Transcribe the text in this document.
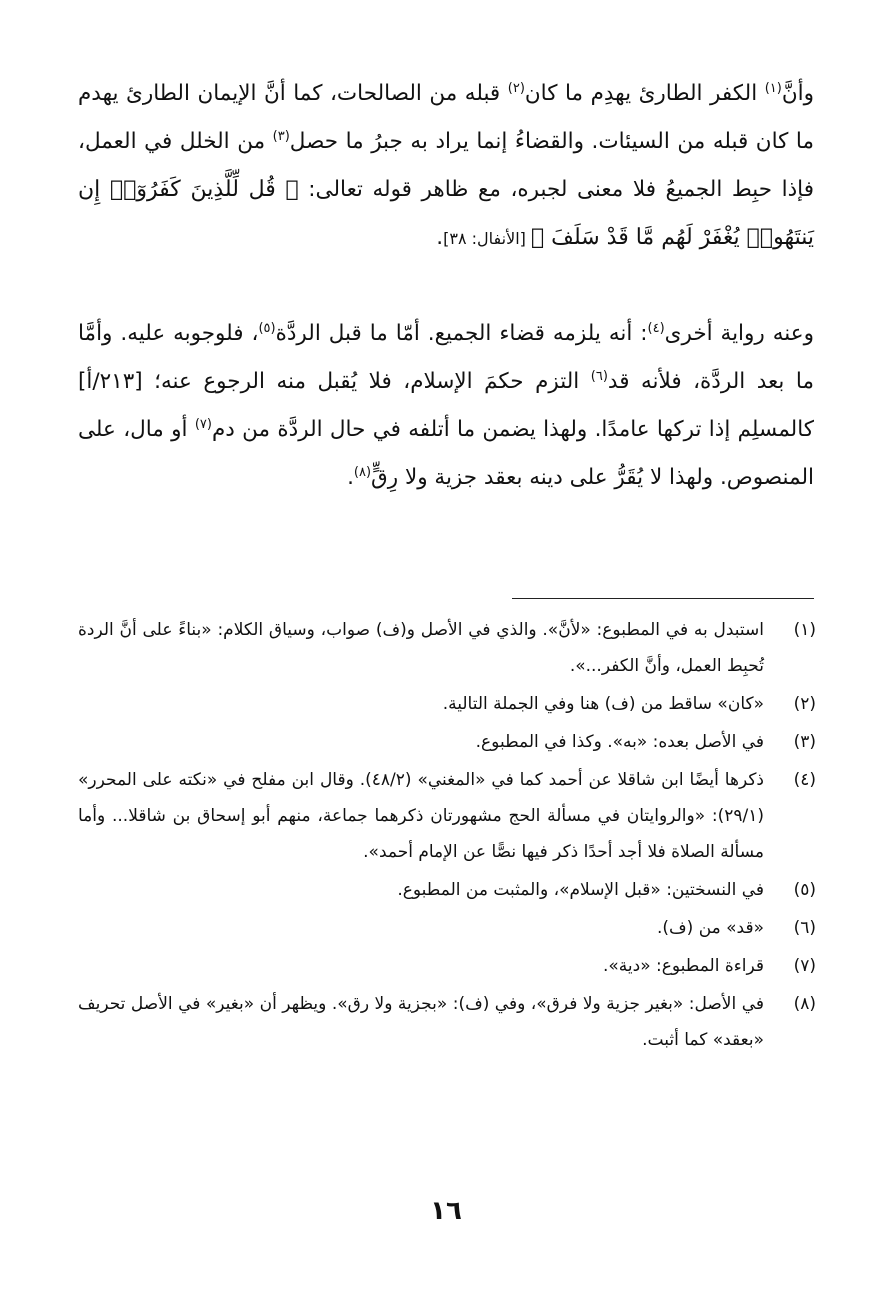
وأنَّ$^{(١)}$ الكفر الطارئ يهدِم ما كان$^{(٢)}$ قبله من الصالحات، كما أنَّ الإيمان الطارئ يهدم ما كان قبله من السيئات. والقضاءُ إنما يراد به جبرُ ما حصل$^{(٣)}$ من الخلل في العمل، فإذا حبِط الجميعُ فلا معنى لجبره، مع ظاهر قوله تعالى: ﴿ قُل لِّلَّذِينَ كَفَرُوٓا۟ إِن يَنتَهُوا۟ يُغْفَرْ لَهُم مَّا قَدْ سَلَفَ ﴾ [الأنفال: ٣٨].
وعنه رواية أخرى$^{(٤)}$: أنه يلزمه قضاء الجميع. أمّا ما قبل الردَّة$^{(٥)}$، فلوجوبه عليه. وأمَّا ما بعد الردَّة، فلأنه قد$^{(٦)}$ التزم حكمَ الإسلام، فلا يُقبل منه الرجوع عنه؛ [٢١٣/أ] كالمسلِم إذا تركها عامدًا. ولهذا يضمن ما أتلفه في حال الردَّة من دم$^{(٧)}$ أو مال، على المنصوص. ولهذا لا يُقَرُّ على دينه بعقد جزية ولا رِقٍّ$^{(٨)}$.
(١)
استبدل به في المطبوع: «لأنَّ». والذي في الأصل و(ف) صواب، وسياق الكلام: «بناءً على أنَّ الردة تُحبِط العمل، وأنَّ الكفر...».
(٢)
«كان» ساقط من (ف) هنا وفي الجملة التالية.
(٣)
في الأصل بعده: «به». وكذا في المطبوع.
(٤)
ذكرها أيضًا ابن شاقلا عن أحمد كما في «المغني» (٤٨/٢). وقال ابن مفلح في «نكته على المحرر» (٢٩/١): «والروايتان في مسألة الحج مشهورتان ذكرهما جماعة، منهم أبو إسحاق بن شاقلا... وأما مسألة الصلاة فلا أجد أحدًا ذكر فيها نصًّا عن الإمام أحمد».
(٥)
في النسختين: «قبل الإسلام»، والمثبت من المطبوع.
(٦)
«قد» من (ف).
(٧)
قراءة المطبوع: «دية».
(٨)
في الأصل: «بغير جزية ولا فرق»، وفي (ف): «بجزية ولا رق». ويظهر أن «بغير» في الأصل تحريف «بعقد» كما أثبت.
١٦
